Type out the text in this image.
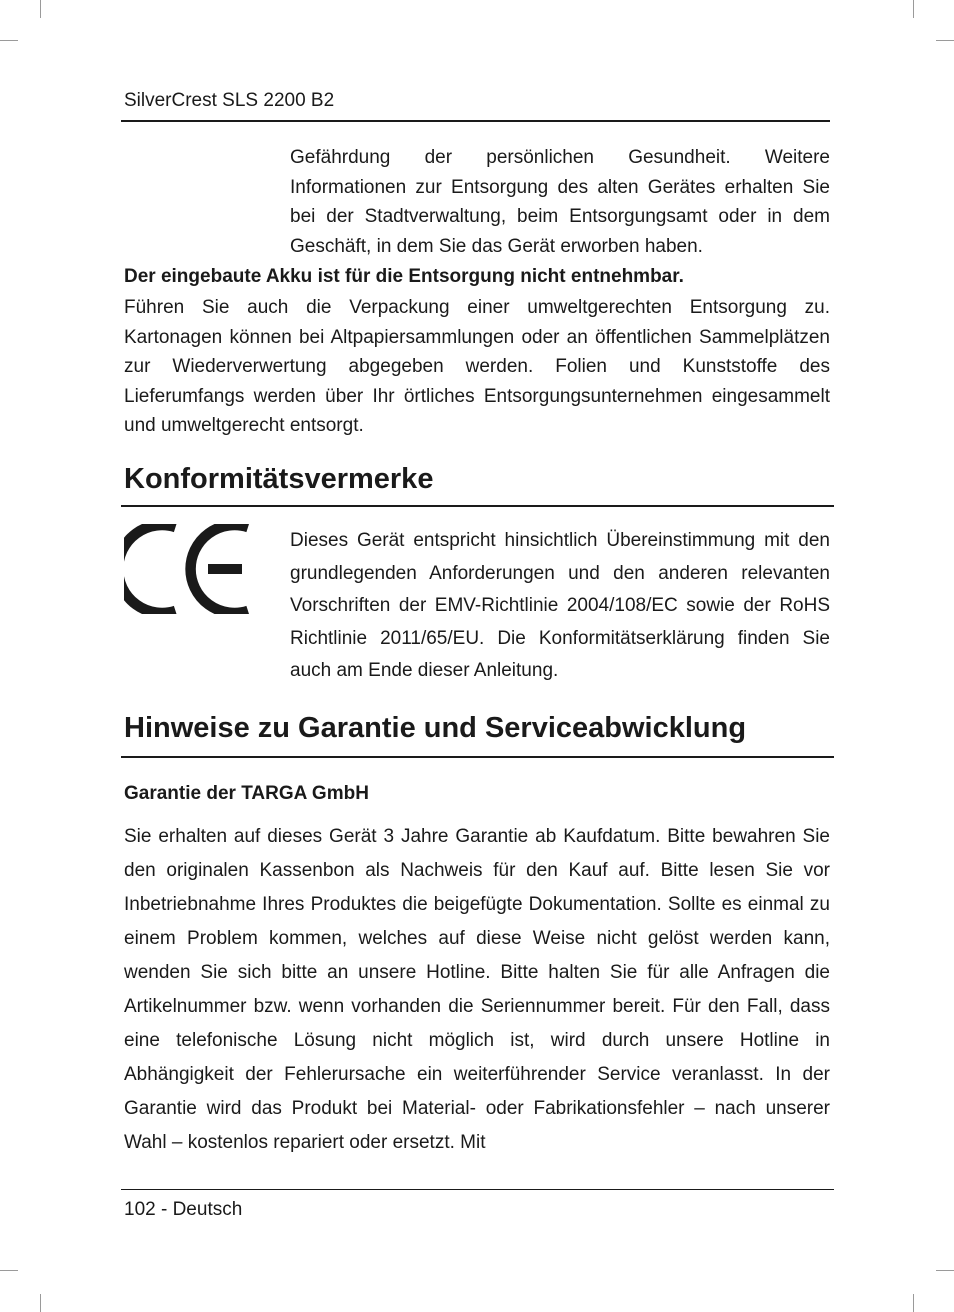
SilverCrest SLS 2200 B2

Gefährdung der persönlichen Gesundheit. Weitere Informationen zur Entsorgung des alten Gerätes erhalten Sie bei der Stadtverwaltung, beim Entsorgungsamt oder in dem Geschäft, in dem Sie das Gerät erworben haben.

Der eingebaute Akku ist für die Entsorgung nicht entnehmbar.

Führen Sie auch die Verpackung einer umweltgerechten Entsorgung zu. Kartonagen können bei Altpapiersammlungen oder an öffentlichen Sammelplätzen zur Wiederverwertung abgegeben werden. Folien und Kunststoffe des Lieferumfangs werden über Ihr örtliches Entsorgungsunternehmen eingesammelt und umweltgerecht entsorgt.

Konformitätsvermerke

Dieses Gerät entspricht hinsichtlich Übereinstimmung mit den grundlegenden Anforderungen und den anderen relevanten Vorschriften der EMV-Richtlinie 2004/108/EC sowie der RoHS Richtlinie 2011/65/EU. Die Konformitätserklärung finden Sie auch am Ende dieser Anleitung.

Hinweise zu Garantie und Serviceabwicklung
Garantie der TARGA GmbH

Sie erhalten auf dieses Gerät 3 Jahre Garantie ab Kaufdatum. Bitte bewahren Sie den originalen Kassenbon als Nachweis für den Kauf auf. Bitte lesen Sie vor Inbetriebnahme Ihres Produktes die beigefügte Dokumentation. Sollte es einmal zu einem Problem kommen, welches auf diese Weise nicht gelöst werden kann, wenden Sie sich bitte an unsere Hotline. Bitte halten Sie für alle Anfragen die Artikelnummer bzw. wenn vorhanden die Seriennummer bereit. Für den Fall, dass eine telefonische Lösung nicht möglich ist, wird durch unsere Hotline in Abhängigkeit der Fehlerursache ein weiterführender Service veranlasst. In der Garantie wird das Produkt bei Material- oder Fabrikationsfehler – nach unserer Wahl – kostenlos repariert oder ersetzt. Mit

102 - Deutsch
